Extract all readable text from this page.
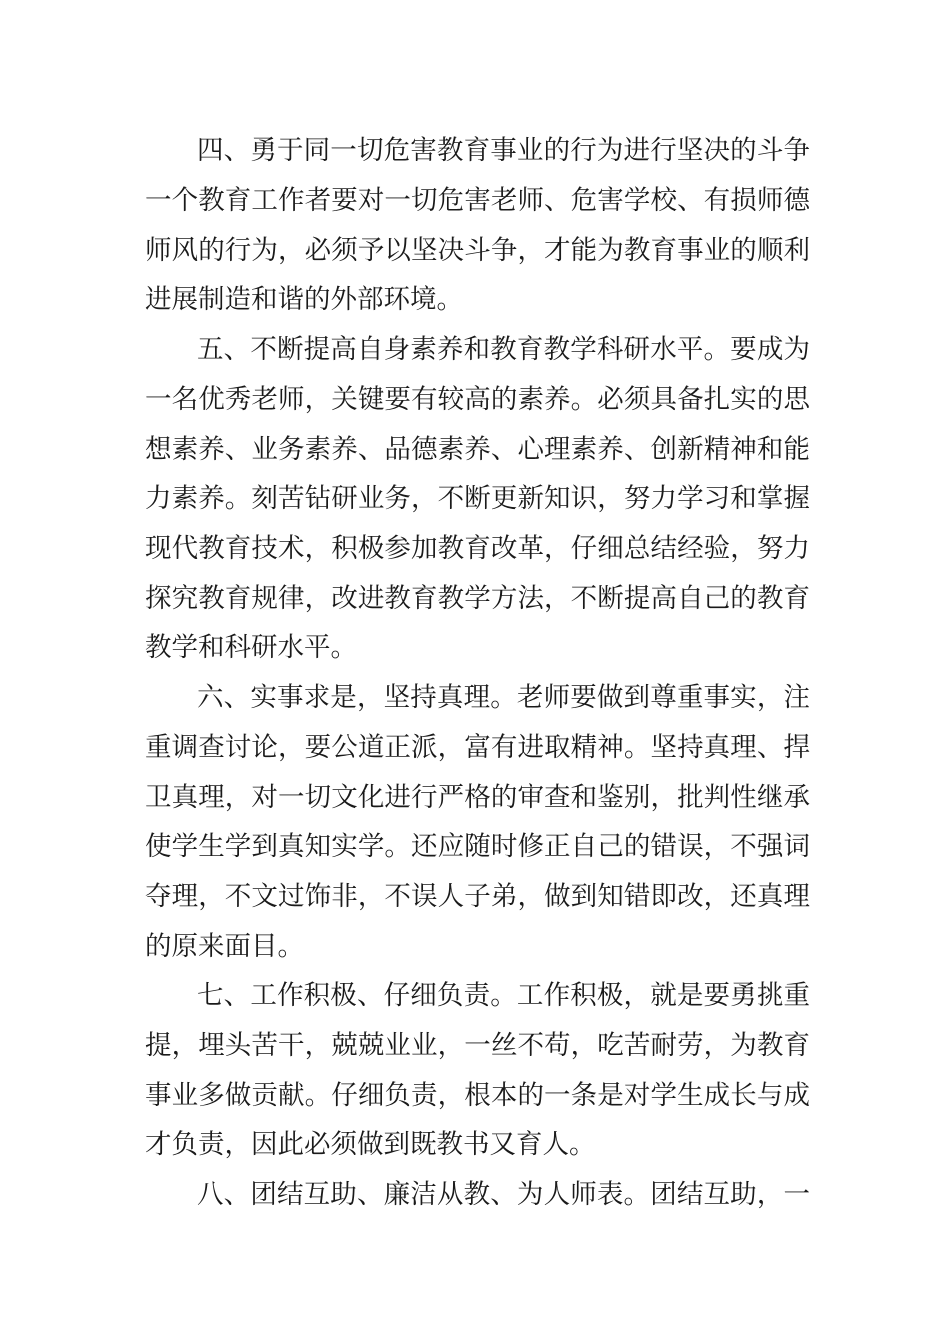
四、勇于同一切危害教育事业的行为进行坚决的斗争
一个教育工作者要对一切危害老师、危害学校、有损师德
师风的行为，必须予以坚决斗争，才能为教育事业的顺利
进展制造和谐的外部环境。
五、不断提高自身素养和教育教学科研水平。要成为
一名优秀老师，关键要有较高的素养。必须具备扎实的思
想素养、业务素养、品德素养、心理素养、创新精神和能
力素养。刻苦钻研业务，不断更新知识，努力学习和掌握
现代教育技术，积极参加教育改革，仔细总结经验，努力
探究教育规律，改进教育教学方法，不断提高自己的教育
教学和科研水平。
六、实事求是，坚持真理。老师要做到尊重事实，注
重调查讨论，要公道正派，富有进取精神。坚持真理、捍
卫真理，对一切文化进行严格的审查和鉴别，批判性继承
使学生学到真知实学。还应随时修正自己的错误，不强词
夺理，不文过饰非，不误人子弟，做到知错即改，还真理
的原来面目。
七、工作积极、仔细负责。工作积极，就是要勇挑重
提，埋头苦干，兢兢业业，一丝不苟，吃苦耐劳，为教育
事业多做贡献。仔细负责，根本的一条是对学生成长与成
才负责，因此必须做到既教书又育人。
八、团结互助、廉洁从教、为人师表。团结互助，一
